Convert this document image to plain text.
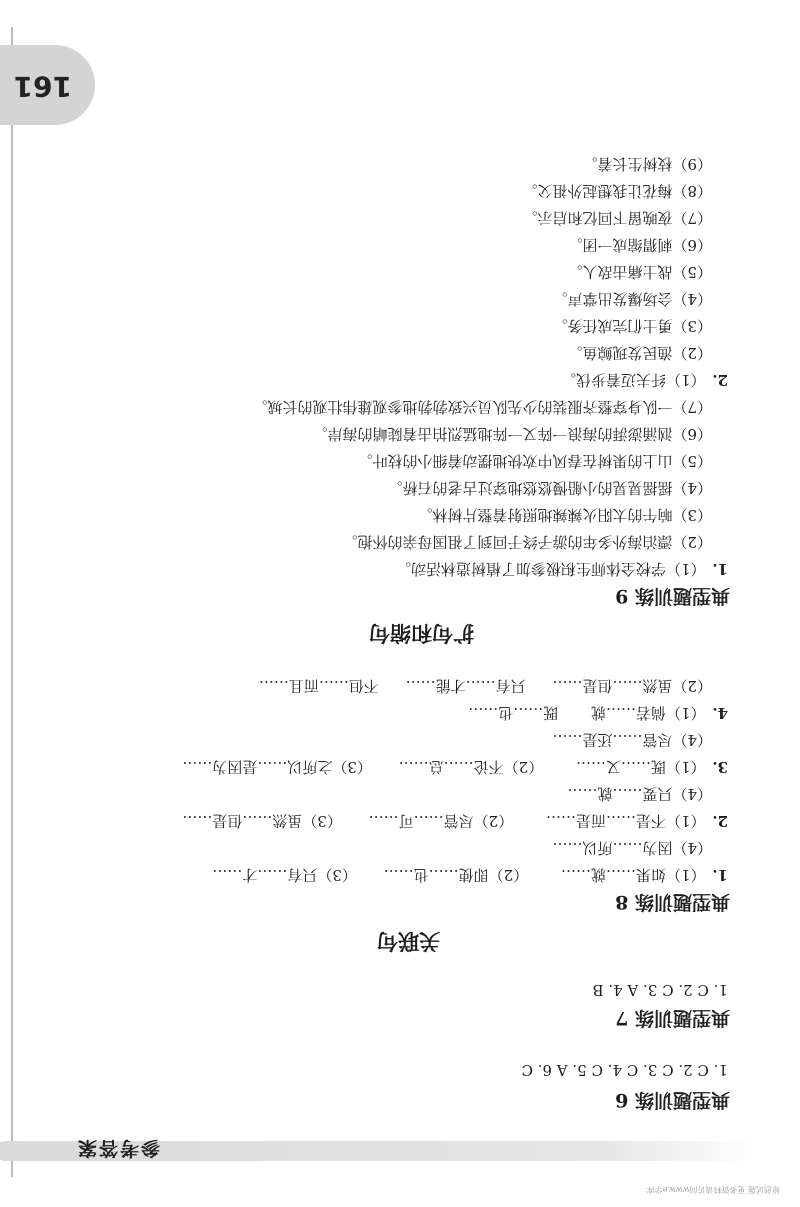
参考答案
161
原创试题 更多资料请访问www.e学库
典型题训练 6
1. C 2. C 3. C 4. C 5. A 6. C
典型题训练 7
1. C 2. C 3. A 4. B
关联句
典型题训练 8
1. （1）如果……就…… （2）即使……也…… （3）只有……才……
（4）因为……所以……
2. （1）不是……而是…… （2）尽管……可…… （3）虽然……但是……
（4）只要……就……
3. （1）既……又…… （2）不论……总…… （3）之所以……是因为……
（4）尽管……还是……
4. （1）倘若……就 既……也……
（2）虽然……但是…… 只有……才能…… 不但……而且……
扩句和缩句
典型题训练 9
1. （1）学校全体师生积极参加了植树造林活动。
（2）漂泊海外多年的游子终于回到了祖国母亲的怀抱。
（3）晌午的太阳火辣辣地照射着整片树林。
（4）摇摇晃晃的小船慢悠悠地穿过古老的石桥。
（5）山上的果树在春风中欢快地摆动着细小的枝叶。
（6）汹涌澎湃的海浪一阵又一阵地猛烈拍击着陡峭的海岸。
（7）一队身穿整齐服装的少先队员兴致勃勃地参观雄伟壮观的长城。
2. （1）纤夫迈着步伐。
（2）渔民发现鲸鱼。
（3）勇士们完成任务。
（4）会场爆发出掌声。
（5）战士痛击敌人。
（6）刺猬缩成一团。
（7）夜晚留下回忆和启示。
（8）梅花让我想起外祖父。
（9）枝树生长着。
